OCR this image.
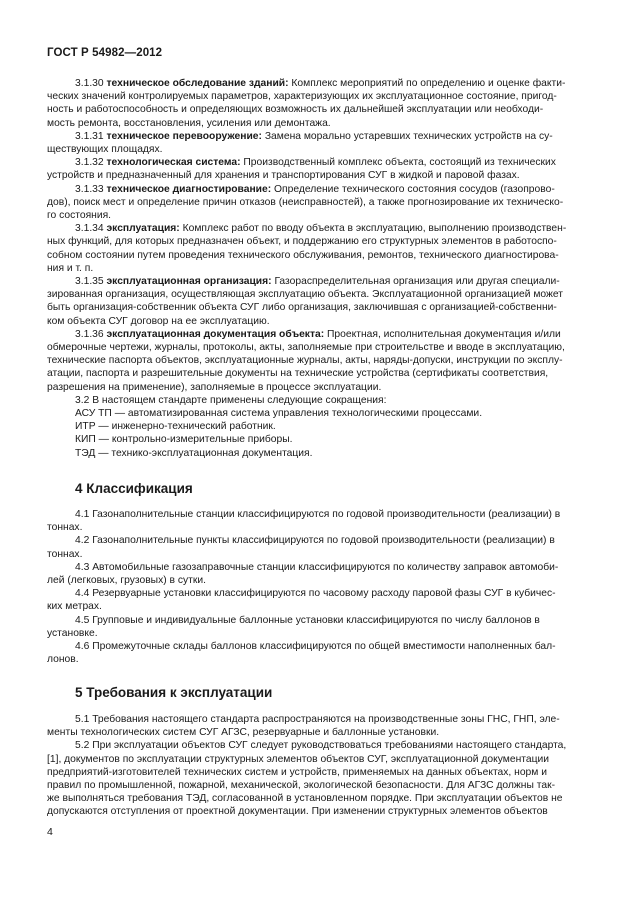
ГОСТ Р 54982—2012
3.1.30 техническое обследование зданий: Комплекс мероприятий по определению и оценке факти-
ческих значений контролируемых параметров, характеризующих их эксплуатационное состояние, пригод-
ность и работоспособность и определяющих возможность их дальнейшей эксплуатации или необходи-
мость ремонта, восстановления, усиления или демонтажа.
3.1.31 техническое перевооружение: Замена морально устаревших технических устройств на су-
ществующих площадях.
3.1.32 технологическая система: Производственный комплекс объекта, состоящий из технических
устройств и предназначенный для хранения и транспортирования СУГ в жидкой и паровой фазах.
3.1.33 техническое диагностирование: Определение технического состояния сосудов (газопрово-
дов), поиск мест и определение причин отказов (неисправностей), а также прогнозирование их техническо-
го состояния.
3.1.34 эксплуатация: Комплекс работ по вводу объекта в эксплуатацию, выполнению производствен-
ных функций, для которых предназначен объект, и поддержанию его структурных элементов в работоспо-
собном состоянии путем проведения технического обслуживания, ремонтов, технического диагностирова-
ния и т. п.
3.1.35 эксплуатационная организация: Газораспределительная организация или другая специали-
зированная организация, осуществляющая эксплуатацию объекта. Эксплуатационной организацией может
быть организация-собственник объекта СУГ либо организация, заключившая с организацией-собственни-
ком объекта СУГ договор на ее эксплуатацию.
3.1.36 эксплуатационная документация объекта: Проектная, исполнительная документация и/или
обмерочные чертежи, журналы, протоколы, акты, заполняемые при строительстве и вводе в эксплуатацию,
технические паспорта объектов, эксплуатационные журналы, акты, наряды-допуски, инструкции по эксплу-
атации, паспорта и разрешительные документы на технические устройства (сертификаты соответствия,
разрешения на применение), заполняемые в процессе эксплуатации.
3.2 В настоящем стандарте применены следующие сокращения:
АСУ ТП — автоматизированная система управления технологическими процессами.
ИТР — инженерно-технический работник.
КИП — контрольно-измерительные приборы.
ТЭД — технико-эксплуатационная документация.
4 Классификация
4.1 Газонаполнительные станции классифицируются по годовой производительности (реализации) в
тоннах.
4.2 Газонаполнительные пункты классифицируются по годовой производительности (реализации) в
тоннах.
4.3 Автомобильные газозаправочные станции классифицируются по количеству заправок автомоби-
лей (легковых, грузовых) в сутки.
4.4 Резервуарные установки классифицируются по часовому расходу паровой фазы СУГ в кубичес-
ких метрах.
4.5 Групповые и индивидуальные баллонные установки классифицируются по числу баллонов в
установке.
4.6 Промежуточные склады баллонов классифицируются по общей вместимости наполненных бал-
лонов.
5 Требования к эксплуатации
5.1 Требования настоящего стандарта распространяются на производственные зоны ГНС, ГНП, эле-
менты технологических систем СУГ АГЗС, резервуарные и баллонные установки.
5.2 При эксплуатации объектов СУГ следует руководствоваться требованиями настоящего стандарта,
[1], документов по эксплуатации структурных элементов объектов СУГ, эксплуатационной документации
предприятий-изготовителей технических систем и устройств, применяемых на данных объектах, норм и
правил по промышленной, пожарной, механической, экологической безопасности. Для АГЗС должны так-
же выполняться требования ТЭД, согласованной в установленном порядке. При эксплуатации объектов не
допускаются отступления от проектной документации. При изменении структурных элементов объектов
4
